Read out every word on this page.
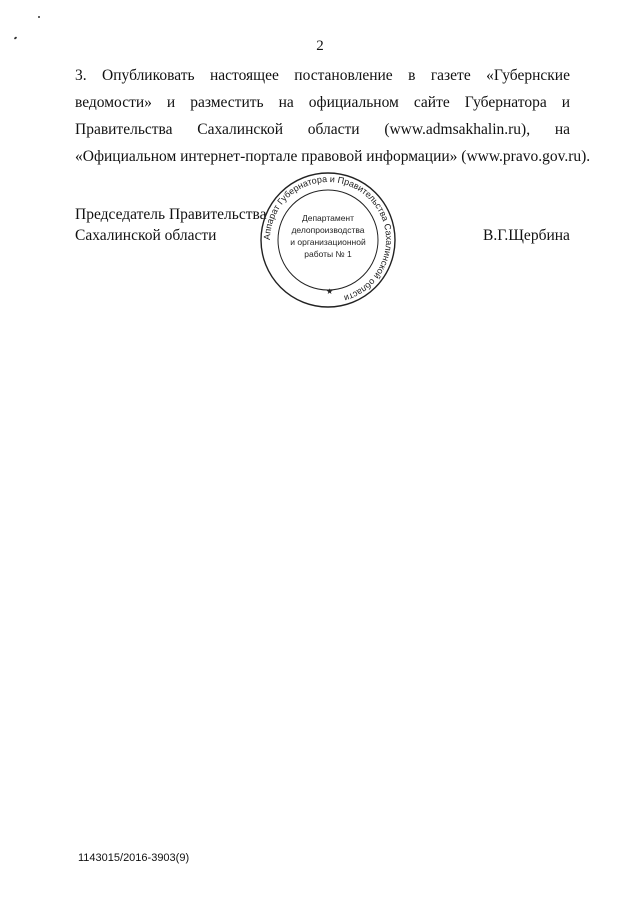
2
3. Опубликовать настоящее постановление в газете «Губернские
ведомости» и разместить на официальном сайте Губернатора и
Правительства Сахалинской области (www.admsakhalin.ru), на
«Официальном интернет-портале правовой информации» (www.pravo.gov.ru).
Председатель Правительства
Сахалинской области	Аппарат Губернатора и Правительства Сахалинской области
★
Департамент
делопроизводства
и организационной
работы № 1
В.Г.Щербина
1143015/2016-3903(9)
